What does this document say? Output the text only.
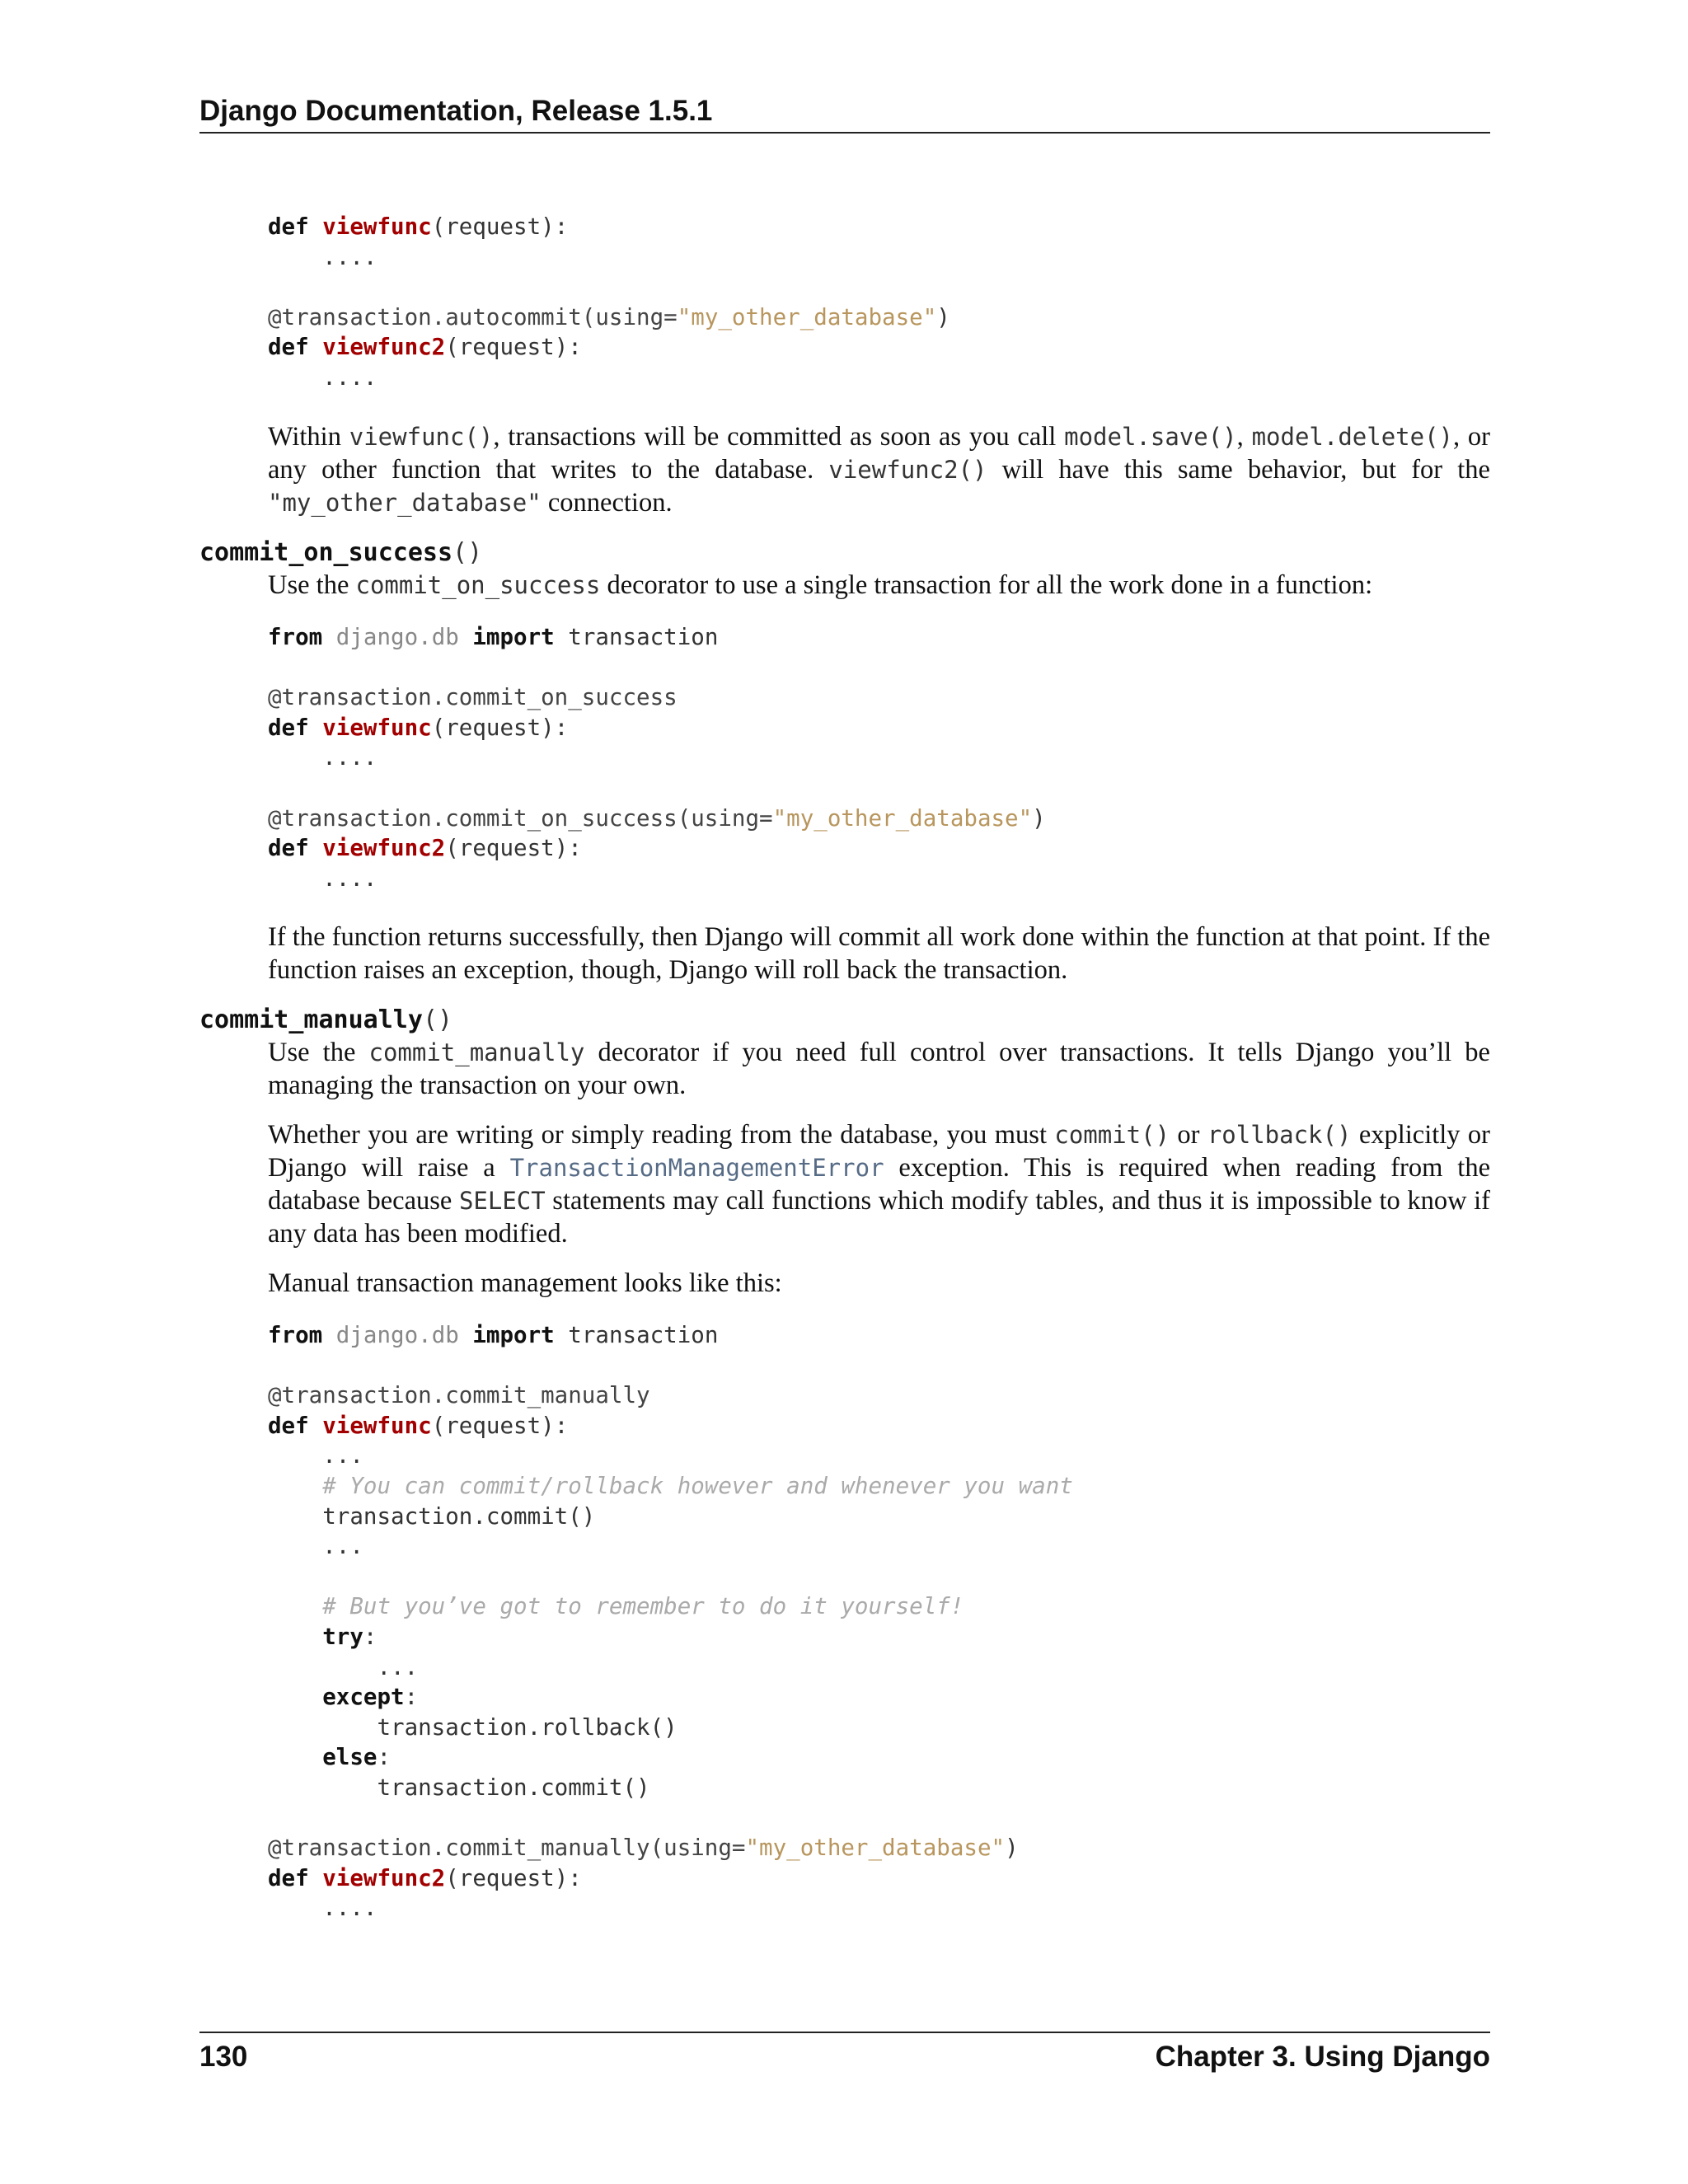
Django Documentation, Release 1.5.1
def viewfunc(request):
....

@transaction.autocommit(using="my_other_database")
def viewfunc2(request):
....
Within viewfunc(), transactions will be committed as soon as you call model.save(), model.delete(), or any other function that writes to the database. viewfunc2() will have this same behavior, but for the "my_other_database" connection.
commit_on_success()
Use the commit_on_success decorator to use a single transaction for all the work done in a function:
from django.db import transaction

@transaction.commit_on_success
def viewfunc(request):
....

@transaction.commit_on_success(using="my_other_database")
def viewfunc2(request):
....
If the function returns successfully, then Django will commit all work done within the function at that point. If the function raises an exception, though, Django will roll back the transaction.
commit_manually()
Use the commit_manually decorator if you need full control over transactions. It tells Django you’ll be managing the transaction on your own.
Whether you are writing or simply reading from the database, you must commit() or rollback() explicitly or Django will raise a TransactionManagementError exception. This is required when reading from the database because SELECT statements may call functions which modify tables, and thus it is impossible to know if any data has been modified.
Manual transaction management looks like this:
from django.db import transaction

@transaction.commit_manually
def viewfunc(request):
...
# You can commit/rollback however and whenever you want
transaction.commit()
...

# But you’ve got to remember to do it yourself!
try:
...
except:
transaction.rollback()
else:
transaction.commit()

@transaction.commit_manually(using="my_other_database")
def viewfunc2(request):
....
130	Chapter 3. Using Django
